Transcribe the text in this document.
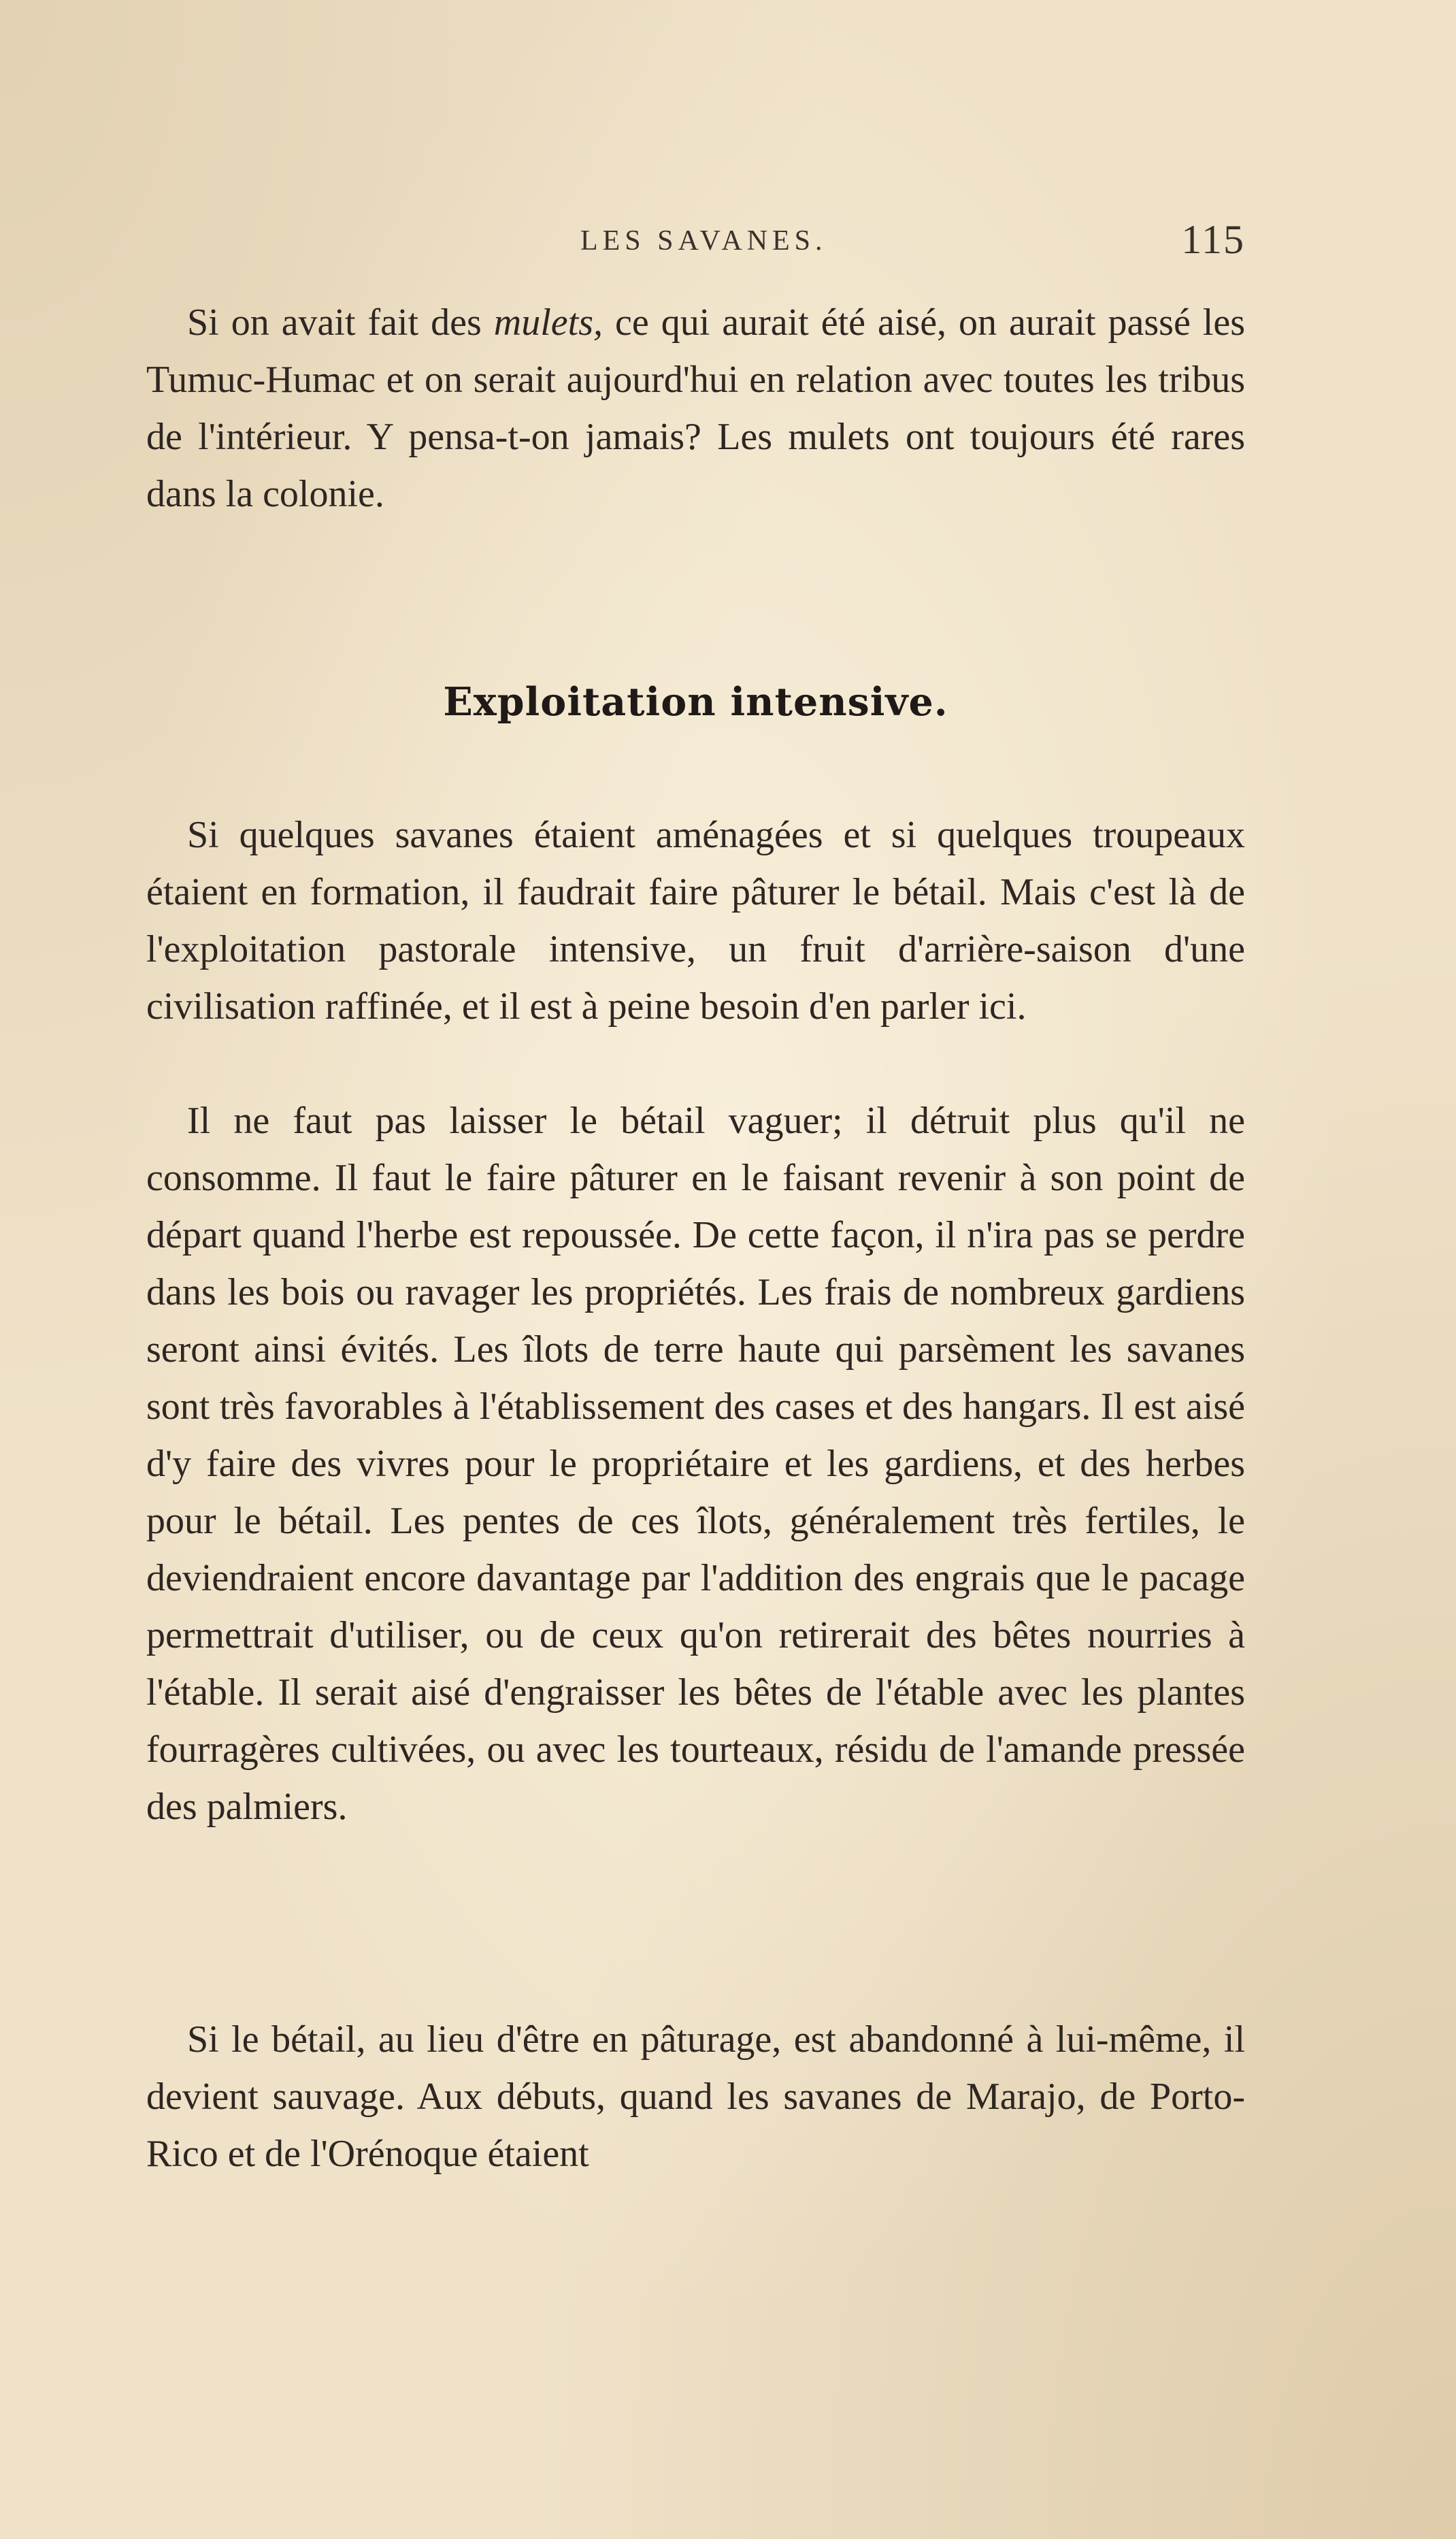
LES SAVANES.	115

Si on avait fait des mulets, ce qui aurait été aisé, on aurait passé les Tumuc-Humac et on serait aujourd'hui en relation avec toutes les tribus de l'intérieur. Y pensa-t-on jamais? Les mulets ont toujours été rares dans la colonie.

Exploitation intensive.

Si quelques savanes étaient aménagées et si quelques troupeaux étaient en formation, il faudrait faire pâturer le bétail. Mais c'est là de l'exploitation pastorale intensive, un fruit d'arrière-saison d'une civilisation raffinée, et il est à peine besoin d'en parler ici.

Il ne faut pas laisser le bétail vaguer; il détruit plus qu'il ne consomme. Il faut le faire pâturer en le faisant revenir à son point de départ quand l'herbe est repoussée. De cette façon, il n'ira pas se perdre dans les bois ou ravager les propriétés. Les frais de nombreux gardiens seront ainsi évités. Les îlots de terre haute qui parsèment les savanes sont très favorables à l'établissement des cases et des hangars. Il est aisé d'y faire des vivres pour le propriétaire et les gardiens, et des herbes pour le bétail. Les pentes de ces îlots, généralement très fertiles, le deviendraient encore davantage par l'addition des engrais que le pacage permettrait d'utiliser, ou de ceux qu'on retirerait des bêtes nourries à l'étable. Il serait aisé d'engraisser les bêtes de l'étable avec les plantes fourragères cultivées, ou avec les tourteaux, résidu de l'amande pressée des palmiers.

Si le bétail, au lieu d'être en pâturage, est abandonné à lui-même, il devient sauvage. Aux débuts, quand les savanes de Marajo, de Porto-Rico et de l'Orénoque étaient
